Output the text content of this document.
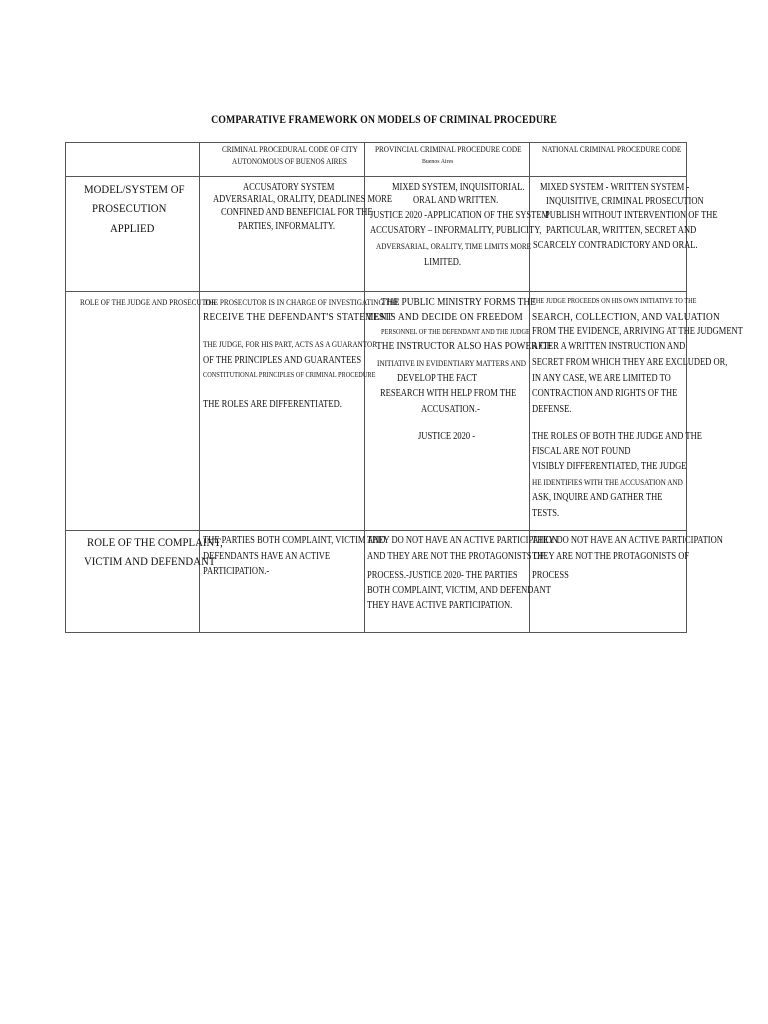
COMPARATIVE FRAMEWORK ON MODELS OF CRIMINAL PROCEDURE
CRIMINAL PROCEDURAL CODE OF CITY
AUTONOMOUS OF BUENOS AIRES
PROVINCIAL CRIMINAL PROCEDURE CODE
Buenos Aires
NATIONAL CRIMINAL PROCEDURE CODE
MODEL/SYSTEM OF
PROSECUTION
APPLIED
ACCUSATORY SYSTEM
ADVERSARIAL, ORALITY, DEADLINES MORE
CONFINED AND BENEFICIAL FOR THE
PARTIES, INFORMALITY.
MIXED SYSTEM, INQUISITORIAL.
ORAL AND WRITTEN.
JUSTICE 2020 -APPLICATION OF THE SYSTEM
ACCUSATORY – INFORMALITY, PUBLICITY,
ADVERSARIAL, ORALITY, TIME LIMITS MORE
LIMITED.
MIXED SYSTEM - WRITTEN SYSTEM -
INQUISITIVE, CRIMINAL PROSECUTION
PUBLISH WITHOUT INTERVENTION OF THE
PARTICULAR, WRITTEN, SECRET AND
SCARCELY CONTRADICTORY AND ORAL.
ROLE OF THE JUDGE AND PROSECUTOR
THE PROSECUTOR IS IN CHARGE OF INVESTIGATING THE
RECEIVE THE DEFENDANT'S STATEMENT
THE JUDGE, FOR HIS PART, ACTS AS A GUARANTOR
OF THE PRINCIPLES AND GUARANTEES
CONSTITUTIONAL PRINCIPLES OF CRIMINAL PROCEDURE
THE ROLES ARE DIFFERENTIATED.
THE PUBLIC MINISTRY FORMS THE
TESTS AND DECIDE ON FREEDOM
PERSONNEL OF THE DEFENDANT AND THE JUDGE
THE INSTRUCTOR ALSO HAS POWER OF
INITIATIVE IN EVIDENTIARY MATTERS AND
DEVELOP THE FACT
RESEARCH WITH HELP FROM THE
ACCUSATION.-
JUSTICE 2020 -
THE JUDGE PROCEEDS ON HIS OWN INITIATIVE TO THE
SEARCH, COLLECTION, AND VALUATION
FROM THE EVIDENCE, ARRIVING AT THE JUDGMENT
AFTER A WRITTEN INSTRUCTION AND
SECRET FROM WHICH THEY ARE EXCLUDED OR,
IN ANY CASE, WE ARE LIMITED TO
CONTRACTION AND RIGHTS OF THE
DEFENSE.
THE ROLES OF BOTH THE JUDGE AND THE
FISCAL ARE NOT FOUND
VISIBLY DIFFERENTIATED, THE JUDGE
HE IDENTIFIES WITH THE ACCUSATION AND
ASK, INQUIRE AND GATHER THE
TESTS.
ROLE OF THE COMPLAINT,
VICTIM AND DEFENDANT
THE PARTIES BOTH COMPLAINT, VICTIM AND
DEFENDANTS HAVE AN ACTIVE
PARTICIPATION.-
THEY DO NOT HAVE AN ACTIVE PARTICIPATION
AND THEY ARE NOT THE PROTAGONISTS OF
PROCESS.-JUSTICE 2020- THE PARTIES
BOTH COMPLAINT, VICTIM, AND DEFENDANT
THEY HAVE ACTIVE PARTICIPATION.
THEY DO NOT HAVE AN ACTIVE PARTICIPATION
THEY ARE NOT THE PROTAGONISTS OF
PROCESS
